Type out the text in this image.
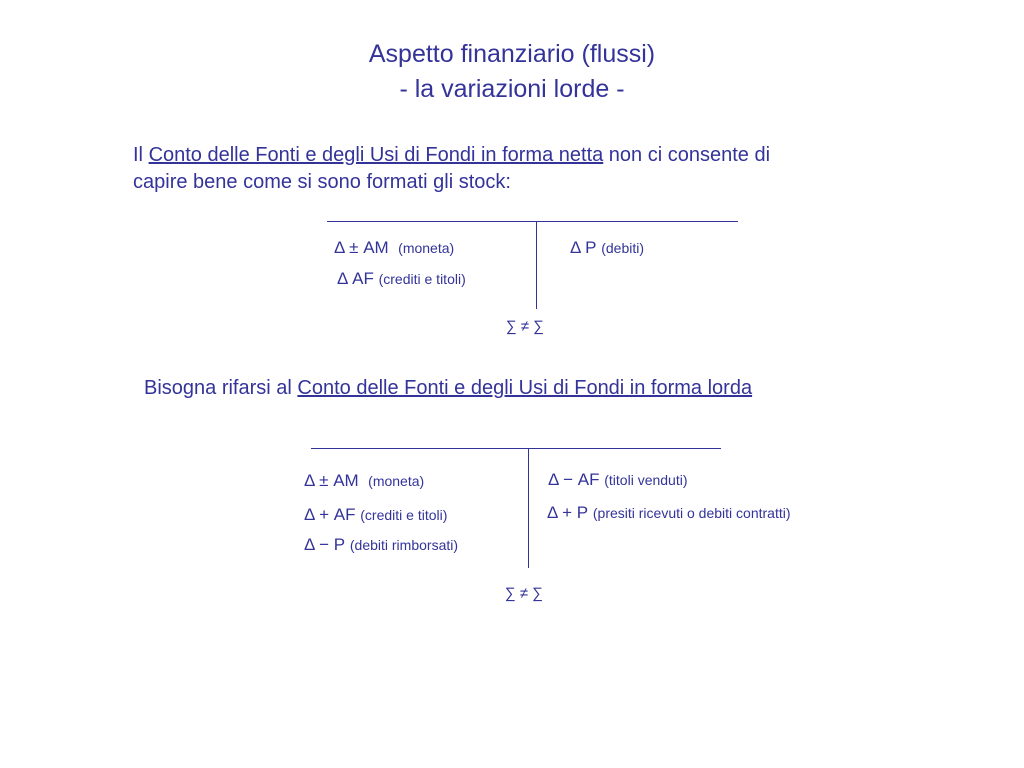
Aspetto finanziario (flussi)
- la variazioni lorde -
Il Conto delle Fonti e degli Usi di Fondi in forma netta non ci consente di
capire bene come si sono formati gli stock:
Δ ± AM (moneta)
Δ AF (crediti e titoli)
Δ P (debiti)
∑ ≠ ∑
Bisogna rifarsi al Conto delle Fonti e degli Usi di Fondi in forma lorda
Δ ± AM (moneta)
Δ + AF (crediti e titoli)
Δ − P (debiti rimborsati)
Δ − AF (titoli venduti)
Δ + P (presiti ricevuti o debiti contratti)
∑ ≠ ∑
